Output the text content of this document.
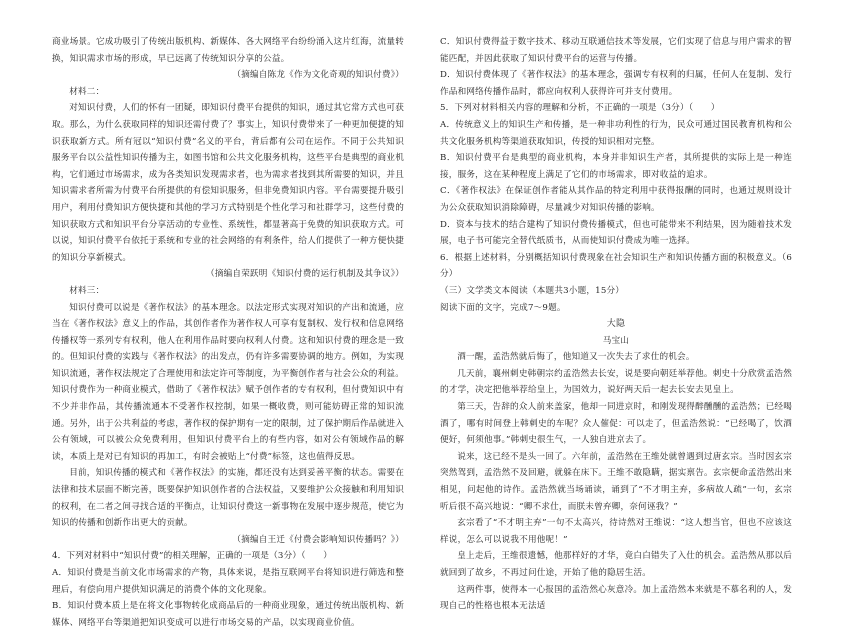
商业场景。它成功吸引了传统出版机构、新媒体、各大网络平台纷纷涌入这片红海，流量转换，知识需求市场的形成，早已远离了传统知识分享的公益。

（摘编自陈龙《作为文化奇观的知识付费》）

材料二：

对知识付费，人们的怀有一团疑，即知识付费平台提供的知识，通过其它常方式也可获取。那么，为什么获取同样的知识还需付费了？事实上，知识付费带来了一种更加便捷的知识获取新方式。所有冠以“知识付费”名义的平台，背后都有公司在运作。不同于公共知识服务平台以公益性知识传播为主，如图书馆和公共文化服务机构，这些平台是典型的商业机构，它们通过市场需求，成为各类知识发现需求者，也为需求者找到其所需要的知识，并且知识需求者所需为付费平台所提供的有偿知识服务，但非免费知识内容。平台需要提升吸引用户，利用付费知识方便快捷和其他的学习方式特别是个性化学习和社群学习，这些付费的知识获取方式和知识平台分享活动的专业性、系统性，都显著高于免费的知识获取方式。可以说，知识付费平台依托于系统和专业的社会网络的有利条件，给人们提供了一种方便快捷的知识分享新模式。

（摘编自荣跃明《知识付费的运行机制及其争议》）

材料三：

知识付费可以说是《著作权法》的基本理念。以法定形式实现对知识的产出和流通，应当在《著作权法》意义上的作品，其创作者作为著作权人可享有复制权、发行权和信息网络传播权等一系列专有权利，他人在利用作品时要向权利人付费。这和知识付费的理念是一致的。但知识付费的实践与《著作权法》的出发点，仍有许多需要协调的地方。例如，为实现知识流通，著作权法规定了合理使用和法定许可等制度，为平衡创作者与社会公众的利益。知识付费作为一种商业模式，借助了《著作权法》赋予创作者的专有权利，但付费知识中有不少并非作品，其传播流通本不受著作权控制，如果一概收费，则可能妨碍正常的知识流通。另外，出于公共利益的考虑，著作权的保护期有一定的限制，过了保护期后作品就进入公有领域，可以被公众免费利用，但知识付费平台上的有些内容，如对公有领域作品的解读，本质上是对已有知识的再加工，有时会被贴上“付费”标签，这也值得反思。

目前，知识传播的模式和《著作权法》的实施，都还没有达到妥善平衡的状态。需要在法律和技术层面不断完善，既要保护知识创作者的合法权益，又要维护公众接触和利用知识的权利，在二者之间寻找合适的平衡点，让知识付费这一新事物在发展中逐步规范，使它为知识的传播和创新作出更大的贡献。

（摘编自王迁《付费会影响知识传播吗？》）

4．下列对材料中“知识付费”的相关理解，正确的一项是（3分）（　　）

A．知识付费是当前文化市场需求的产物，具体来说，是指互联网平台将知识进行筛选和整理后，有偿向用户提供知识满足的消费个体的文化现象。

B．知识付费本质上是在将文化事物转化成商品后的一种商业现象，通过传统出版机构、新媒体、网络平台等渠道把知识变成可以进行市场交易的产品，以实现商业价值。

C．知识付费得益于数字技术、移动互联通信技术等发展，它们实现了信息与用户需求的智能匹配，并因此获取了知识付费平台的运营与传播。

D．知识付费体现了《著作权法》的基本理念，强调专有权利的归属，任何人在复制、发行作品和网络传播作品时，都应向权利人获得许可并支付费用。

5．下列对材料相关内容的理解和分析，不正确的一项是（3分）（　　）

A．传统意义上的知识生产和传播，是一种非功利性的行为，民众可通过国民教育机构和公共文化服务机构等渠道获取知识，传授的知识相对完整。

B．知识付费平台是典型的商业机构，本身并非知识生产者，其所提供的实际上是一种连接，服务，这在某种程度上满足了它们的市场需求，即对收益的追求。

C．《著作权法》在保证创作者能从其作品的特定利用中获得报酬的同时，也通过规则设计为公众获取知识消除障碍，尽量减少对知识传播的影响。

D．资本与技术的结合建构了知识付费传播模式，但也可能带来不利结果，因为随着技术发展，电子书可能完全替代纸质书，从而使知识付费成为唯一选择。

6．根据上述材料，分别概括知识付费现象在社会知识生产和知识传播方面的积极意义。（6分）

（三）文学类文本阅读（本题共3小题，15分）

阅读下面的文字，完成7～9题。

大隐

马宝山

酒一醒，孟浩然就后悔了，他知道又一次失去了求仕的机会。

几天前，襄州刺史韩朝宗约孟浩然去长安，说是要向朝廷举荐他。刺史十分欣赏孟浩然的才学，决定把他举荐给皇上，为国效力，说好两天后一起去长安去见皇上。

第三天，告辞的众人前来盖家，他却一同进京时，和刚发现得醉醺醺的孟浩然；已经喝酒了，哪有时间登上韩刺史的车呢？众人催促：可以走了，但孟浩然说：“已经喝了，饮酒便好，何须他事。”韩刺史很生气，一人独自进京去了。

说来，这已经不是头一回了。六年前，孟浩然在王维处就曾遇到过唐玄宗。当时因玄宗突然驾到，孟浩然不及回避，就躲在床下。王维不敢隐瞒，据实禀告。玄宗便命孟浩然出来相见，问起他的诗作。孟浩然就当场诵读，诵到了“不才明主弃，多病故人疏”一句，玄宗听后很不高兴地说：“卿不求仕，而朕未曾弃卿，奈何诬我？”

玄宗看了“不才明主弃”一句不太高兴，待诗然对王维说：“这人想当官，但也不应该这样说，怎么可以说我不用他呢！”

皇上走后，王维很遗憾，他那样好的才华，竟白白错失了入仕的机会。孟浩然从那以后就回到了故乡，不再过问仕途，开始了他的隐居生活。

这两件事，使得本一心报国的孟浩然心灰意冷。加上孟浩然本来就是不慕名利的人，发现自己的性格也根本无法适
